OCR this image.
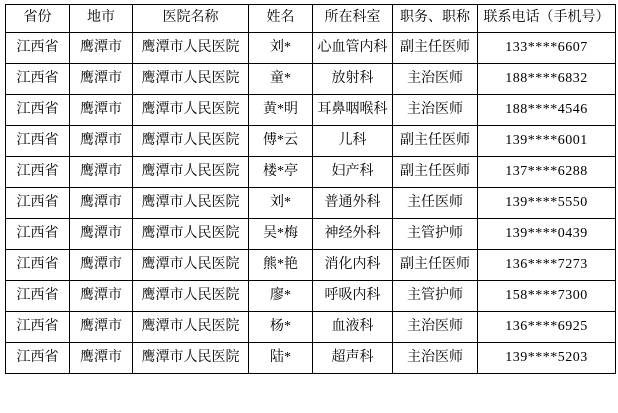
省份	地市	医院名称	姓名	所在科室	职务、职称	联系电话（手机号）
江西省	鹰潭市	鹰潭市人民医院	刘*	心血管内科	副主任医师	133****6607
江西省	鹰潭市	鹰潭市人民医院	童*	放射科	主治医师	188****6832
江西省	鹰潭市	鹰潭市人民医院	黄*明	耳鼻咽喉科	主治医师	188****4546
江西省	鹰潭市	鹰潭市人民医院	傅*云	儿科	副主任医师	139****6001
江西省	鹰潭市	鹰潭市人民医院	楼*亭	妇产科	副主任医师	137****6288
江西省	鹰潭市	鹰潭市人民医院	刘*	普通外科	主任医师	139****5550
江西省	鹰潭市	鹰潭市人民医院	吴*梅	神经外科	主管护师	139****0439
江西省	鹰潭市	鹰潭市人民医院	熊*艳	消化内科	副主任医师	136****7273
江西省	鹰潭市	鹰潭市人民医院	廖*	呼吸内科	主管护师	158****7300
江西省	鹰潭市	鹰潭市人民医院	杨*	血液科	主治医师	136****6925
江西省	鹰潭市	鹰潭市人民医院	陆*	超声科	主治医师	139****5203
